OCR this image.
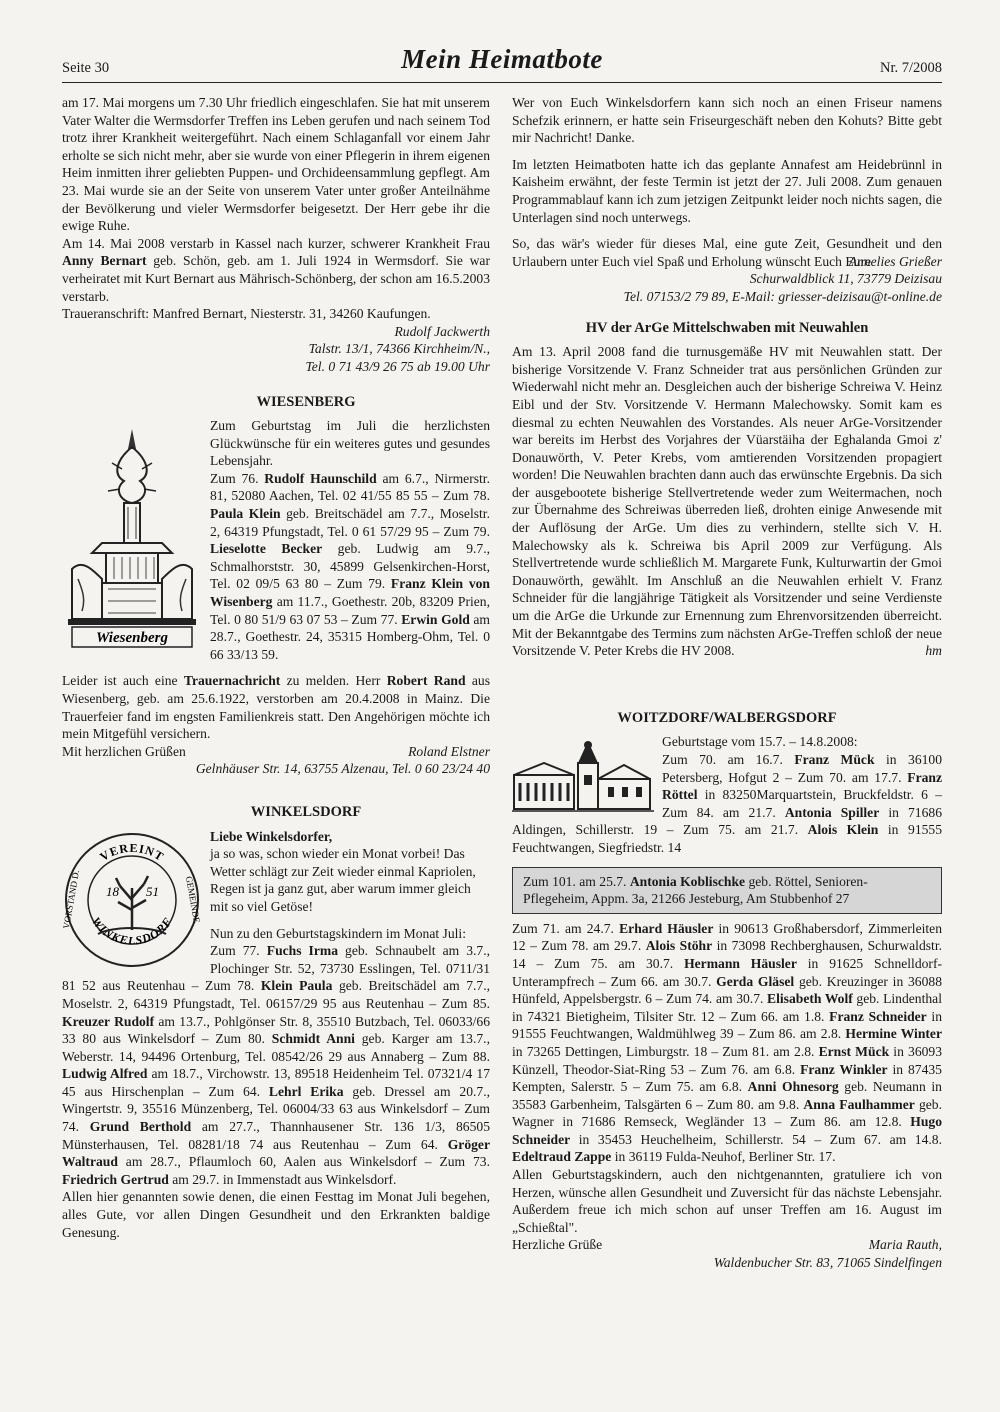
Seite 30	Mein Heimatbote	Nr. 7/2008

am 17. Mai morgens um 7.30 Uhr friedlich eingeschlafen. Sie hat mit unserem Vater Walter die Wermsdorfer Treffen ins Leben gerufen und nach seinem Tod trotz ihrer Krankheit weitergeführt. Nach einem Schlaganfall vor einem Jahr erholte se sich nicht mehr, aber sie wurde von einer Pflegerin in ihrem eigenen Heim inmitten ihrer geliebten Puppen- und Orchideensammlung gepflegt. Am 23. Mai wurde sie an der Seite von unserem Vater unter großer Anteilnähme der Bevölkerung und vieler Wermsdorfer beigesetzt. Der Herr gebe ihr die ewige Ruhe.

Am 14. Mai 2008 verstarb in Kassel nach kurzer, schwerer Krankheit Frau Anny Bernart geb. Schön, geb. am 1. Juli 1924 in Wermsdorf. Sie war verheiratet mit Kurt Bernart aus Mährisch-Schönberg, der schon am 16.5.2003 verstarb.

Traueranschrift: Manfred Bernart, Niesterstr. 31, 34260 Kaufungen.

Rudolf Jackwerth

Talstr. 13/1, 74366 Kirchheim/N.,

Tel. 0 71 43/9 26 75 ab 19.00 Uhr

WIESENBERG
Wiesenberg

Zum Geburtstag im Juli die herzlichsten Glückwünsche für ein weiteres gutes und gesundes Lebensjahr.

Zum 76. Rudolf Haunschild am 6.7., Nirmerstr. 81, 52080 Aachen, Tel. 02 41/55 85 55 – Zum 78. Paula Klein geb. Breitschädel am 7.7., Moselstr. 2, 64319 Pfungstadt, Tel. 0 61 57/29 95 – Zum 79. Lieselotte Becker geb. Ludwig am 9.7., Schmalhorststr. 30, 45899 Gelsenkirchen-Horst, Tel. 02 09/5 63 80 – Zum 79. Franz Klein von Wisenberg am 11.7., Goethestr. 20b, 83209 Prien, Tel. 0 80 51/9 63 07 53 – Zum 77. Erwin Gold am 28.7., Goethestr. 24, 35315 Homberg-Ohm, Tel. 0 66 33/13 59.

Leider ist auch eine Trauernachricht zu melden. Herr Robert Rand aus Wiesenberg, geb. am 25.6.1922, verstorben am 20.4.2008 in Mainz. Die Trauerfeier fand im engsten Familienkreis statt. Den Angehörigen möchte ich mein Mitgefühl versichern.

Mit herzlichen Grüßen	Roland Elstner

Gelnhäuser Str. 14, 63755 Alzenau, Tel. 0 60 23/24 40

WINKELSDORF
VEREINT
WINKELSDORF
VORSTAND D.	GEMEINDE
18 51

Liebe Winkelsdorfer,

ja so was, schon wieder ein Monat vorbei! Das Wetter schlägt zur Zeit wieder einmal Kapriolen, Regen ist ja ganz gut, aber warum immer gleich mit so viel Getöse!

Nun zu den Geburtstagskindern im Monat Juli:

Zum 77. Fuchs Irma geb. Schnaubelt am 3.7., Plochinger Str. 52, 73730 Esslingen, Tel. 0711/31 81 52 aus Reutenhau – Zum 78. Klein Paula geb. Breitschädel am 7.7., Moselstr. 2, 64319 Pfungstadt, Tel. 06157/29 95 aus Reutenhau – Zum 85. Kreuzer Rudolf am 13.7., Pohlgönser Str. 8, 35510 Butzbach, Tel. 06033/66 33 80 aus Winkelsdorf – Zum 80. Schmidt Anni geb. Karger am 13.7., Weberstr. 14, 94496 Ortenburg, Tel. 08542/26 29 aus Annaberg – Zum 88. Ludwig Alfred am 18.7., Virchowstr. 13, 89518 Heidenheim Tel. 07321/4 17 45 aus Hirschenplan – Zum 64. Lehrl Erika geb. Dressel am 20.7., Wingertstr. 9, 35516 Münzenberg, Tel. 06004/33 63 aus Winkelsdorf – Zum 74. Grund Berthold am 27.7., Thannhausener Str. 136 1/3, 86505 Münsterhausen, Tel. 08281/18 74 aus Reutenhau – Zum 64. Gröger Waltraud am 28.7., Pflaumloch 60, Aalen aus Winkelsdorf – Zum 73. Friedrich Gertrud am 29.7. in Immenstadt aus Winkelsdorf.

Allen hier genannten sowie denen, die einen Festtag im Monat Juli begehen, alles Gute, vor allen Dingen Gesundheit und den Erkrankten baldige Genesung.

Wer von Euch Winkelsdorfern kann sich noch an einen Friseur namens Schefzik erinnern, er hatte sein Friseurgeschäft neben den Kohuts? Bitte gebt mir Nachricht! Danke.

Im letzten Heimatboten hatte ich das geplante Annafest am Heidebrünnl in Kaisheim erwähnt, der feste Termin ist jetzt der 27. Juli 2008. Zum genauen Programmablauf kann ich zum jetzigen Zeitpunkt leider noch nichts sagen, die Unterlagen sind noch unterwegs.

So, das wär's wieder für dieses Mal, eine gute Zeit, Gesundheit und den Urlaubern unter Euch viel Spaß und Erholung wünscht Euch Eure

Annelies Grießer

Schurwaldblick 11, 73779 Deizisau

Tel. 07153/2 79 89, E-Mail: griesser-deizisau@t-online.de

HV der ArGe Mittelschwaben mit Neuwahlen

Am 13. April 2008 fand die turnusgemäße HV mit Neuwahlen statt. Der bisherige Vorsitzende V. Franz Schneider trat aus persönlichen Gründen zur Wiederwahl nicht mehr an. Desgleichen auch der bisherige Schreiwa V. Heinz Eibl und der Stv. Vorsitzende V. Hermann Malechowsky. Somit kam es diesmal zu echten Neuwahlen des Vorstandes. Als neuer ArGe-Vorsitzender war bereits im Herbst des Vorjahres der Vüarstäiha der Eghalanda Gmoi z' Donauwörth, V. Peter Krebs, vom amtierenden Vorsitzenden propagiert worden! Die Neuwahlen brachten dann auch das erwünschte Ergebnis. Da sich der ausgebootete bisherige Stellvertretende weder zum Weitermachen, noch zur Übernahme des Schreiwas überreden ließ, drohten einige Anwesende mit der Auflösung der ArGe. Um dies zu verhindern, stellte sich V. H. Malechowsky als k. Schreiwa bis April 2009 zur Verfügung. Als Stellvertretende wurde schließlich M. Margarete Funk, Kulturwartin der Gmoi Donauwörth, gewählt. Im Anschluß an die Neuwahlen erhielt V. Franz Schneider für die langjährige Tätigkeit als Vorsitzender und seine Verdienste um die ArGe die Urkunde zur Ernennung zum Ehrenvorsitzenden überreicht. Mit der Bekanntgabe des Termins zum nächsten ArGe-Treffen schloß der neue Vorsitzende V. Peter Krebs die HV 2008.	hm

WOITZDORF/WALBERGSDORF

Geburtstage vom 15.7. – 14.8.2008:

Zum 70. am 16.7. Franz Mück in 36100 Petersberg, Hofgut 2 – Zum 70. am 17.7. Franz Röttel in 83250Marquartstein, Bruckfeldstr. 6 – Zum 84. am 21.7. Antonia Spiller in 71686 Aldingen, Schillerstr. 19 – Zum 75. am 21.7. Alois Klein in 91555 Feuchtwangen, Siegfriedstr. 14

Zum 101. am 25.7. Antonia Koblischke geb. Röttel, Senioren-Pflegeheim, Appm. 3a, 21266 Jesteburg, Am Stubbenhof 27

Zum 71. am 24.7. Erhard Häusler in 90613 Großhabersdorf, Zimmerleiten 12 – Zum 78. am 29.7. Alois Stöhr in 73098 Rechberghausen, Schurwaldstr. 14 – Zum 75. am 30.7. Hermann Häusler in 91625 Schnelldorf-Unterampfrech – Zum 66. am 30.7. Gerda Gläsel geb. Kreuzinger in 36088 Hünfeld, Appelsbergstr. 6 – Zum 74. am 30.7. Elisabeth Wolf geb. Lindenthal in 74321 Bietigheim, Tilsiter Str. 12 – Zum 66. am 1.8. Franz Schneider in 91555 Feuchtwangen, Waldmühlweg 39 – Zum 86. am 2.8. Hermine Winter in 73265 Dettingen, Limburgstr. 18 – Zum 81. am 2.8. Ernst Mück in 36093 Künzell, Theodor-Siat-Ring 53 – Zum 76. am 6.8. Franz Winkler in 87435 Kempten, Salerstr. 5 – Zum 75. am 6.8. Anni Ohnesorg geb. Neumann in 35583 Garbenheim, Talsgärten 6 – Zum 80. am 9.8. Anna Faulhammer geb. Wagner in 71686 Remseck, Wegländer 13 – Zum 86. am 12.8. Hugo Schneider in 35453 Heuchelheim, Schillerstr. 54 – Zum 67. am 14.8. Edeltraud Zappe in 36119 Fulda-Neuhof, Berliner Str. 17.

Allen Geburtstagskindern, auch den nichtgenannten, gratuliere ich von Herzen, wünsche allen Gesundheit und Zuversicht für das nächste Lebensjahr. Außerdem freue ich mich schon auf unser Treffen am 16. August im „Schießtal".

Herzliche Grüße	Maria Rauth,

Waldenbucher Str. 83, 71065 Sindelfingen
